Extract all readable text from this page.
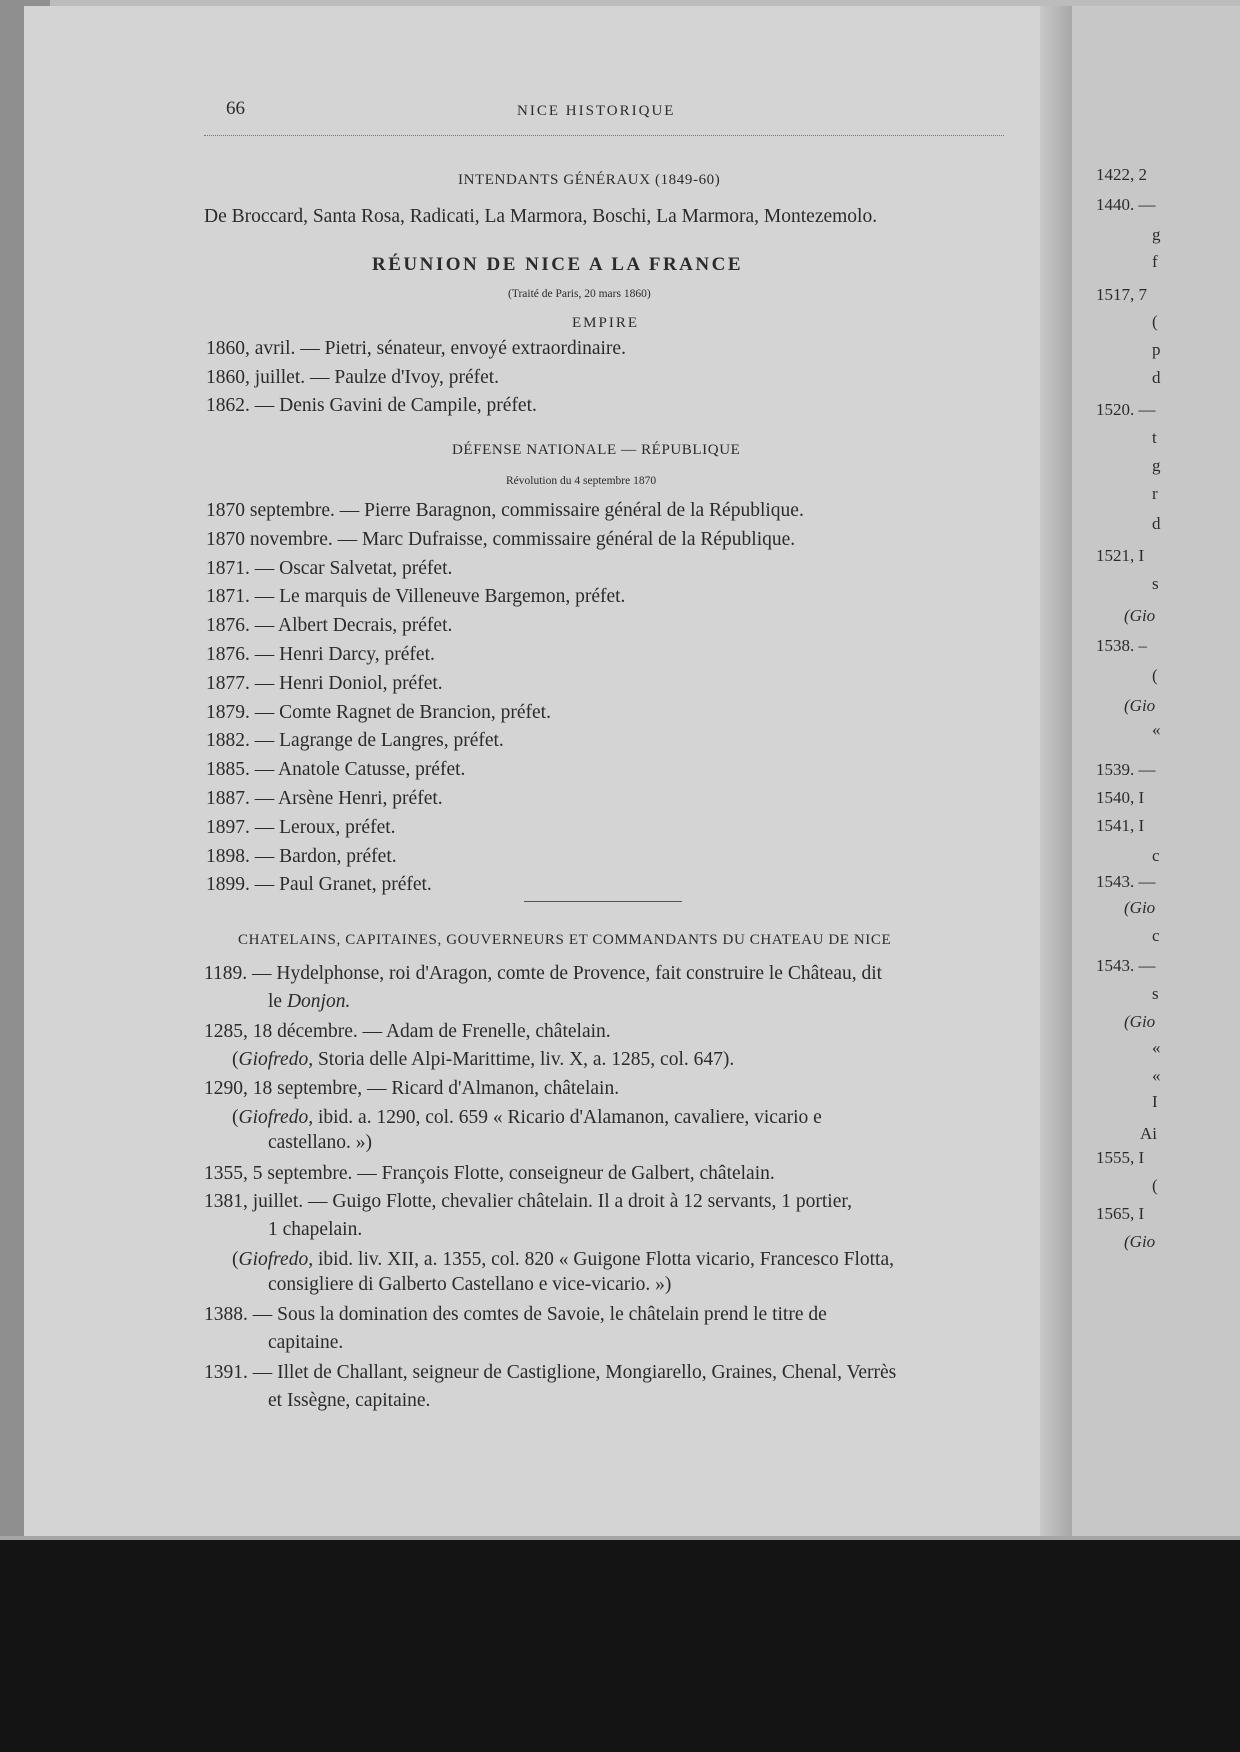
1422, 2
1440. —
g
f
1517, 7
(
p
d
1520. —
t
g
r
d
1521, I
s
(Gio
1538. –
(
(Gio
«
1539. —
1540, I
1541, I
c
1543. —
(Gio
c
1543. —
s
(Gio
«
«
I
Ai
1555, I
(
1565, I
(Gio
66	NICE HISTORIQUE
INTENDANTS GÉNÉRAUX (1849-60)
De Broccard, Santa Rosa, Radicati, La Marmora, Boschi, La Marmora, Montezemolo.
RÉUNION DE NICE A LA FRANCE
(Traité de Paris, 20 mars 1860)
EMPIRE
1860, avril. — Pietri, sénateur, envoyé extraordinaire.
1860, juillet. — Paulze d'Ivoy, préfet.
1862. — Denis Gavini de Campile, préfet.
DÉFENSE NATIONALE — RÉPUBLIQUE
Révolution du 4 septembre 1870
1870 septembre. — Pierre Baragnon, commissaire général de la République.
1870 novembre. — Marc Dufraisse, commissaire général de la République.
1871. — Oscar Salvetat, préfet.
1871. — Le marquis de Villeneuve Bargemon, préfet.
1876. — Albert Decrais, préfet.
1876. — Henri Darcy, préfet.
1877. — Henri Doniol, préfet.
1879. — Comte Ragnet de Brancion, préfet.
1882. — Lagrange de Langres, préfet.
1885. — Anatole Catusse, préfet.
1887. — Arsène Henri, préfet.
1897. — Leroux, préfet.
1898. — Bardon, préfet.
1899. — Paul Granet, préfet.
CHATELAINS, CAPITAINES, GOUVERNEURS ET COMMANDANTS DU CHATEAU DE NICE
1189. — Hydelphonse, roi d'Aragon, comte de Provence, fait construire le Château, dit
le Donjon.
1285, 18 décembre. — Adam de Frenelle, châtelain.
(Giofredo, Storia delle Alpi-Marittime, liv. X, a. 1285, col. 647).
1290, 18 septembre, — Ricard d'Almanon, châtelain.
(Giofredo, ibid. a. 1290, col. 659 « Ricario d'Alamanon, cavaliere, vicario e
castellano. »)
1355, 5 septembre. — François Flotte, conseigneur de Galbert, châtelain.
1381, juillet. — Guigo Flotte, chevalier châtelain. Il a droit à 12 servants, 1 portier,
1 chapelain.
(Giofredo, ibid. liv. XII, a. 1355, col. 820 « Guigone Flotta vicario, Francesco Flotta,
consigliere di Galberto Castellano e vice-vicario. »)
1388. — Sous la domination des comtes de Savoie, le châtelain prend le titre de
capitaine.
1391. — Illet de Challant, seigneur de Castiglione, Mongiarello, Graines, Chenal, Verrès
et Issègne, capitaine.
